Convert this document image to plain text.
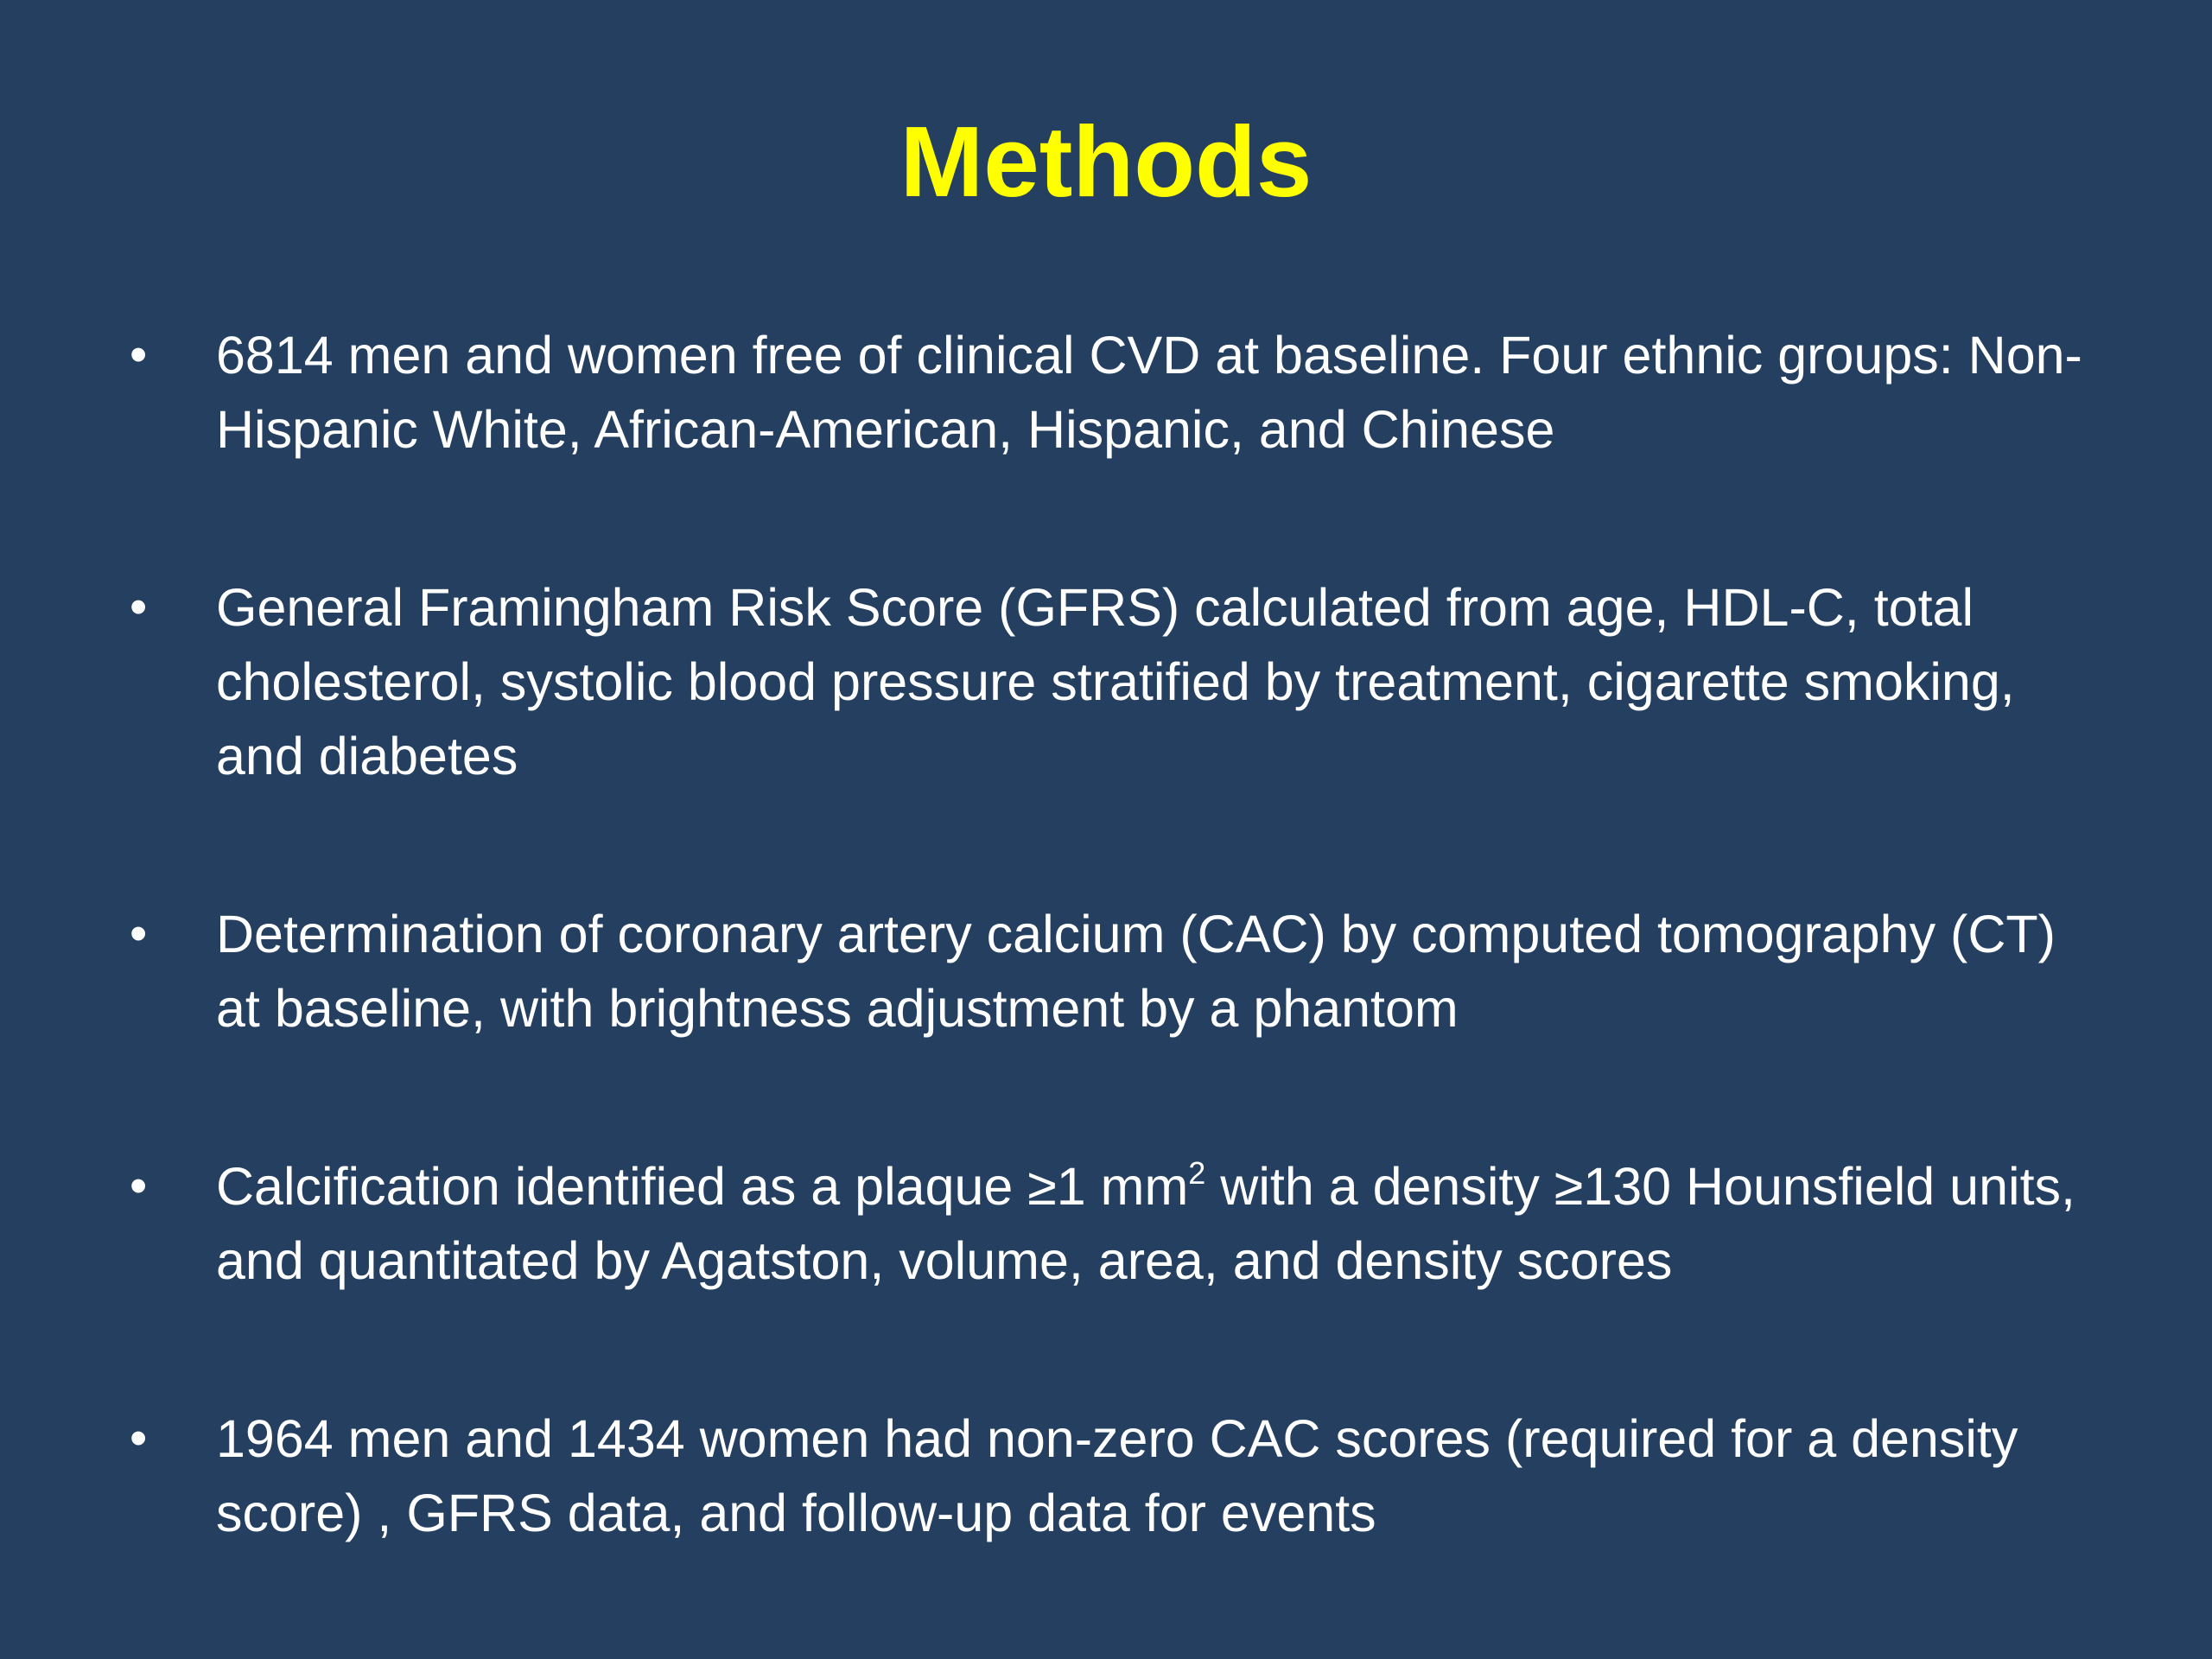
Methods
•	6814 men and women free of clinical CVD at baseline. Four ethnic groups: Non-Hispanic White, African-American, Hispanic, and Chinese
•	General Framingham Risk Score (GFRS) calculated from age, HDL-C, total cholesterol, systolic blood pressure stratified by treatment, cigarette smoking, and diabetes
•	Determination of coronary artery calcium (CAC) by computed tomography (CT) at baseline, with brightness adjustment by a phantom
•	Calcification identified as a plaque ≥1 $mm^2$ with a density ≥130 Hounsfield units, and quantitated by Agatston, volume, area, and density scores
•	1964 men and 1434 women had non-zero CAC scores (required for a density score) , GFRS data, and follow-up data for events
